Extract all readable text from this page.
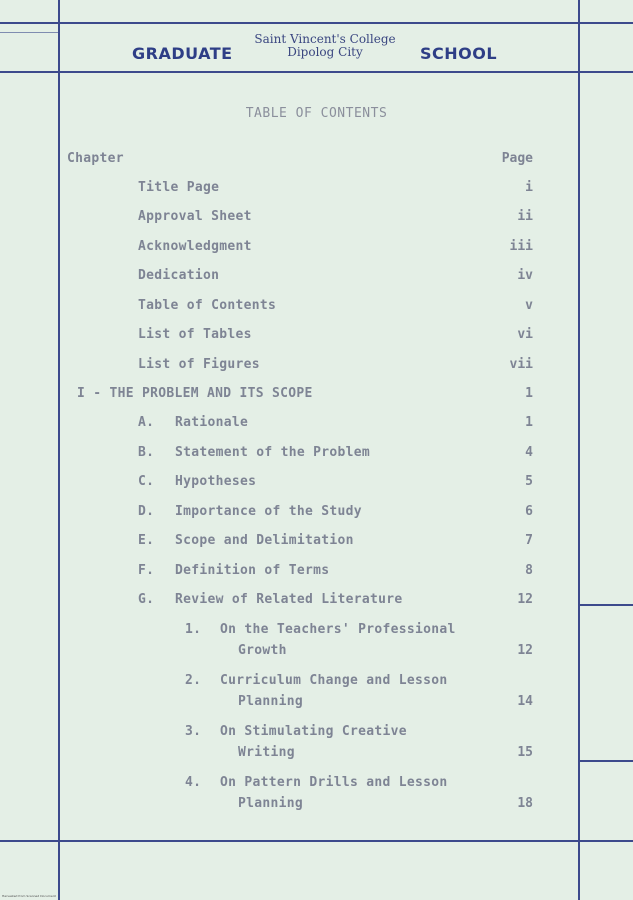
GRADUATE
Saint Vincent's College
Dipolog City	SCHOOL
TABLE OF CONTENTS
Chapter	Page
Title Page	i
Approval Sheet	ii
Acknowledgment	iii
Dedication	iv
Table of Contents	v
List of Tables	vi
List of Figures	vii
I - THE PROBLEM AND ITS SCOPE	1
A. Rationale	1
B. Statement of the Problem	4
C. Hypotheses	5
D. Importance of the Study	6
E. Scope and Delimitation	7
F. Definition of Terms	8
G. Review of Related Literature	12
1. On the Teachers' Professional
Growth	12
2. Curriculum Change and Lesson
Planning	14
3. On Stimulating Creative
Writing	15
4. On Pattern Drills and Lesson
Planning	18
Harvested from Scanned Document
